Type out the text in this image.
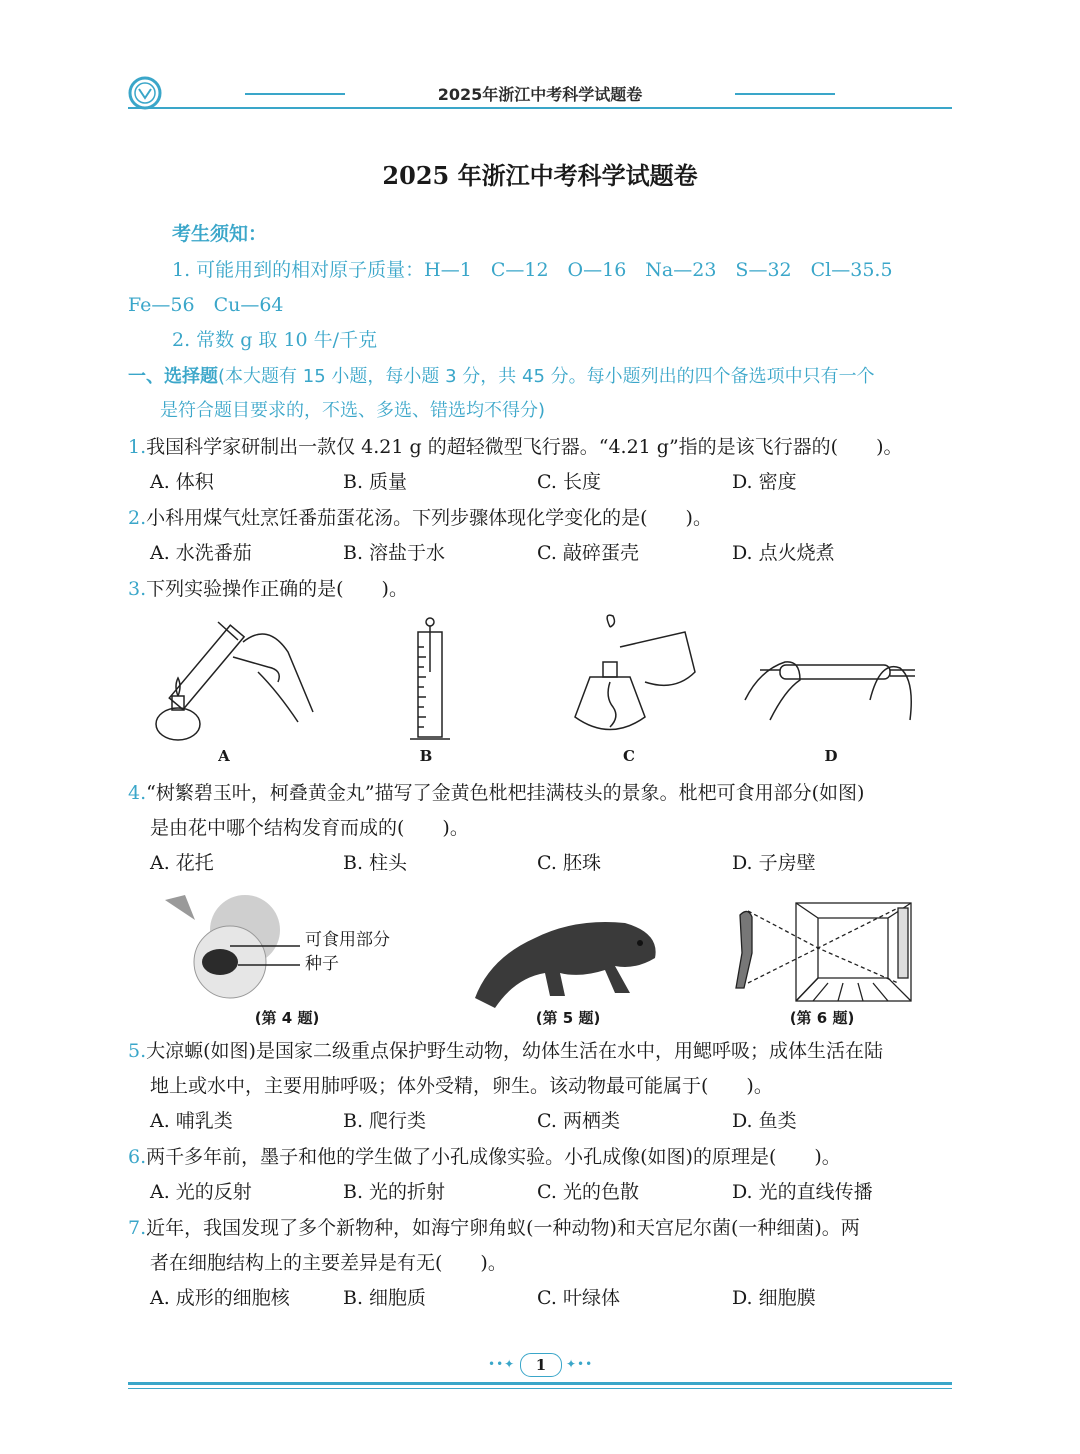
2025年浙江中考科学试题卷
2025 年浙江中考科学试题卷
考生须知：
1. 可能用到的相对原子质量：H—1　C—12　O—16　Na—23　S—32　Cl—35.5
Fe—56　Cu—64
2. 常数 g 取 10 牛/千克
一、选择题(本大题有 15 小题，每小题 3 分，共 45 分。每小题列出的四个备选项中只有一个
是符合题目要求的，不选、多选、错选均不得分)
1.我国科学家研制出一款仅 4.21 g 的超轻微型飞行器。“4.21 g”指的是该飞行器的(　　)。
A. 体积	B. 质量	C. 长度	D. 密度
2.小科用煤气灶烹饪番茄蛋花汤。下列步骤体现化学变化的是(　　)。
A. 水洗番茄	B. 溶盐于水	C. 敲碎蛋壳	D. 点火烧煮
3.下列实验操作正确的是(　　)。
A	B	C	D
4.“树繁碧玉叶，柯叠黄金丸”描写了金黄色枇杷挂满枝头的景象。枇杷可食用部分(如图)
是由花中哪个结构发育而成的(　　)。
A. 花托	B. 柱头	C. 胚珠	D. 子房壁
可食用部分
种子
(第 4 题)	(第 5 题)	(第 6 题)
5.大凉螈(如图)是国家二级重点保护野生动物，幼体生活在水中，用鳃呼吸；成体生活在陆
地上或水中，主要用肺呼吸；体外受精，卵生。该动物最可能属于(　　)。
A. 哺乳类	B. 爬行类	C. 两栖类	D. 鱼类
6.两千多年前，墨子和他的学生做了小孔成像实验。小孔成像(如图)的原理是(　　)。
A. 光的反射	B. 光的折射	C. 光的色散	D. 光的直线传播
7.近年，我国发现了多个新物种，如海宁卵角蚁(一种动物)和天宫尼尔菌(一种细菌)。两
者在细胞结构上的主要差异是有无(　　)。
A. 成形的细胞核	B. 细胞质	C. 叶绿体	D. 细胞膜
••✦	1	✦••
